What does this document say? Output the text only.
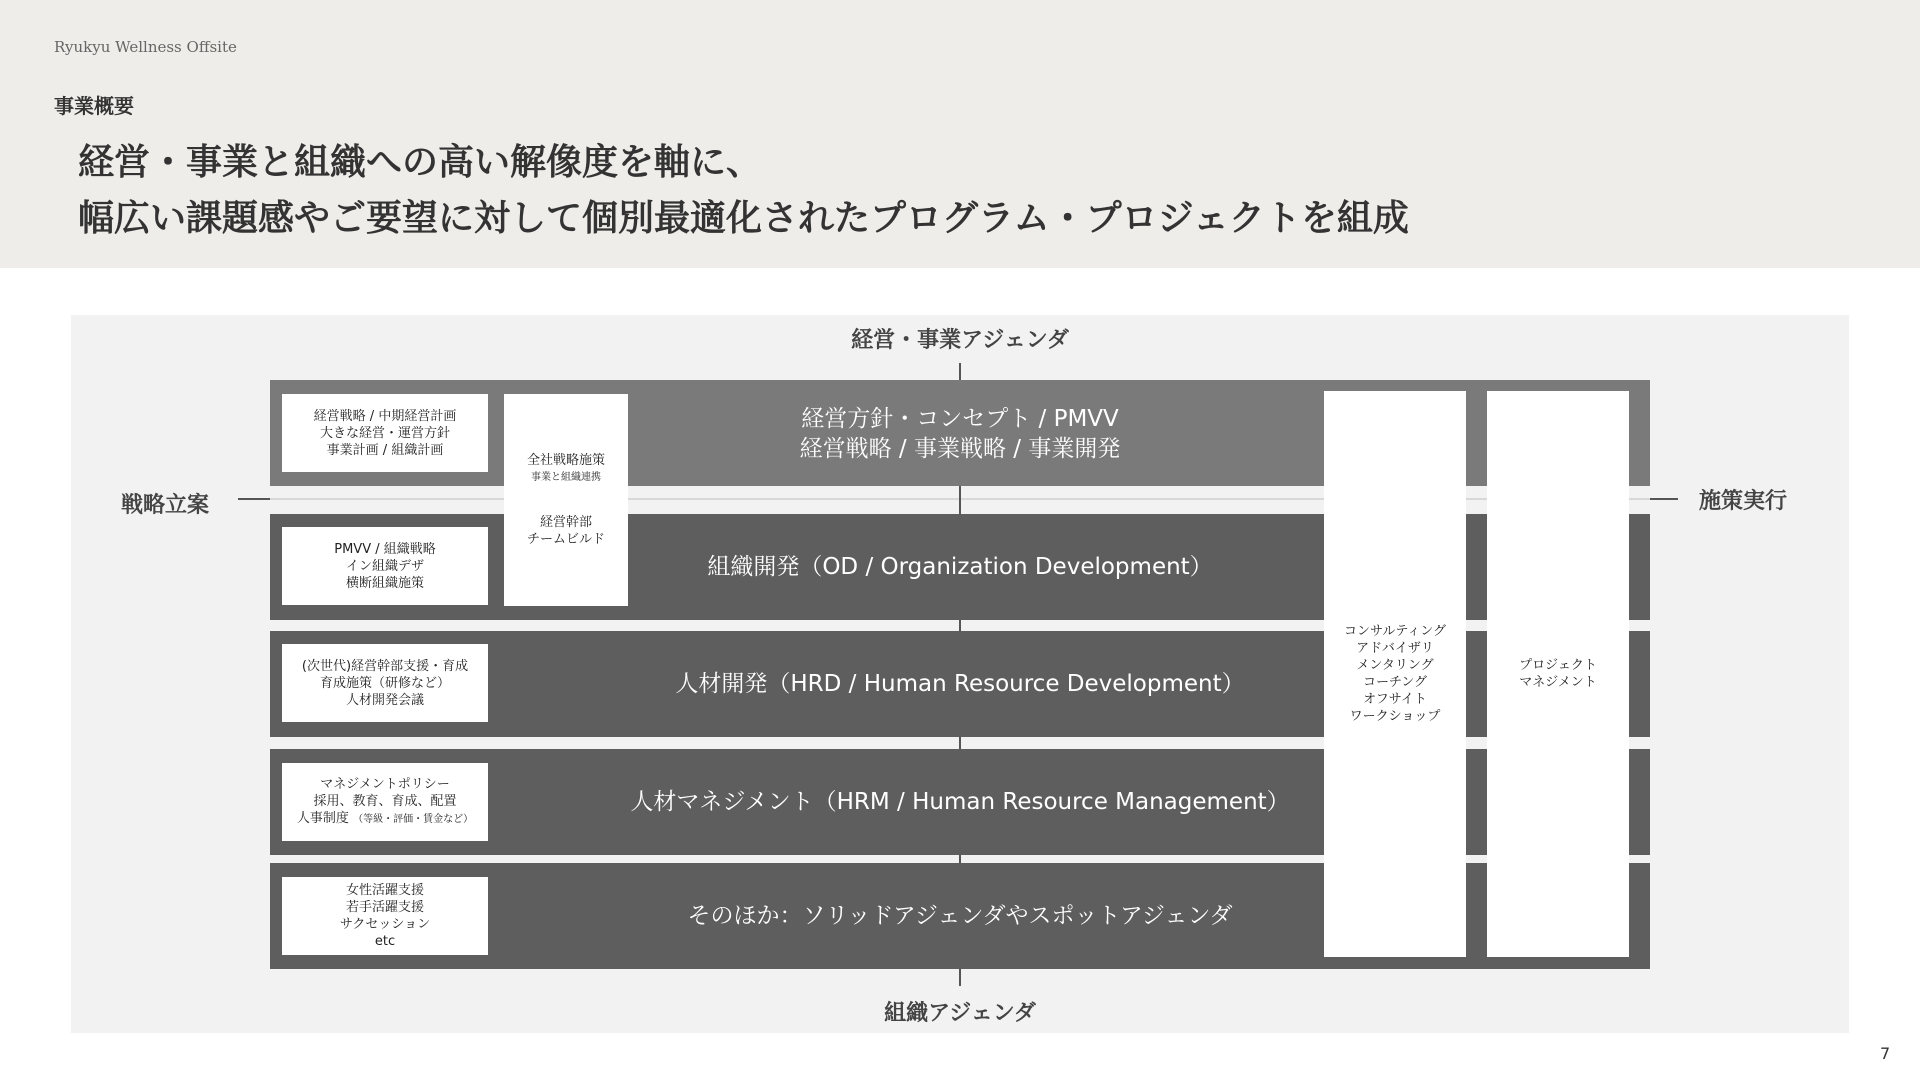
Ryukyu Wellness Offsite
事業概要
経営・事業と組織への高い解像度を軸に、
幅広い課題感やご要望に対して個別最適化されたプログラム・プロジェクトを組成
経営・事業アジェンダ
組織アジェンダ
戦略立案	施策実行
経営方針・コンセプト / PMVV
経営戦略 / 事業戦略 / 事業開発
組織開発（OD / Organization Development）
人材開発（HRD / Human Resource Development）
人材マネジメント（HRM / Human Resource Management）
そのほか：ソリッドアジェンダやスポットアジェンダ
経営戦略 / 中期経営計画
大きな経営・運営方針
事業計画 / 組織計画
PMVV / 組織戦略
イン組織デザ
横断組織施策
(次世代)経営幹部支援・育成
育成施策（研修など）
人材開発会議
マネジメントポリシー
採用、教育、育成、配置
人事制度 （等級・評価・賃金など）
女性活躍支援
若手活躍支援
サクセッション
etc
全社戦略施策
事業と組織連携
経営幹部
チームビルド
コンサルティング
アドバイザリ
メンタリング
コーチング
オフサイト
ワークショップ
プロジェクト
マネジメント
7
